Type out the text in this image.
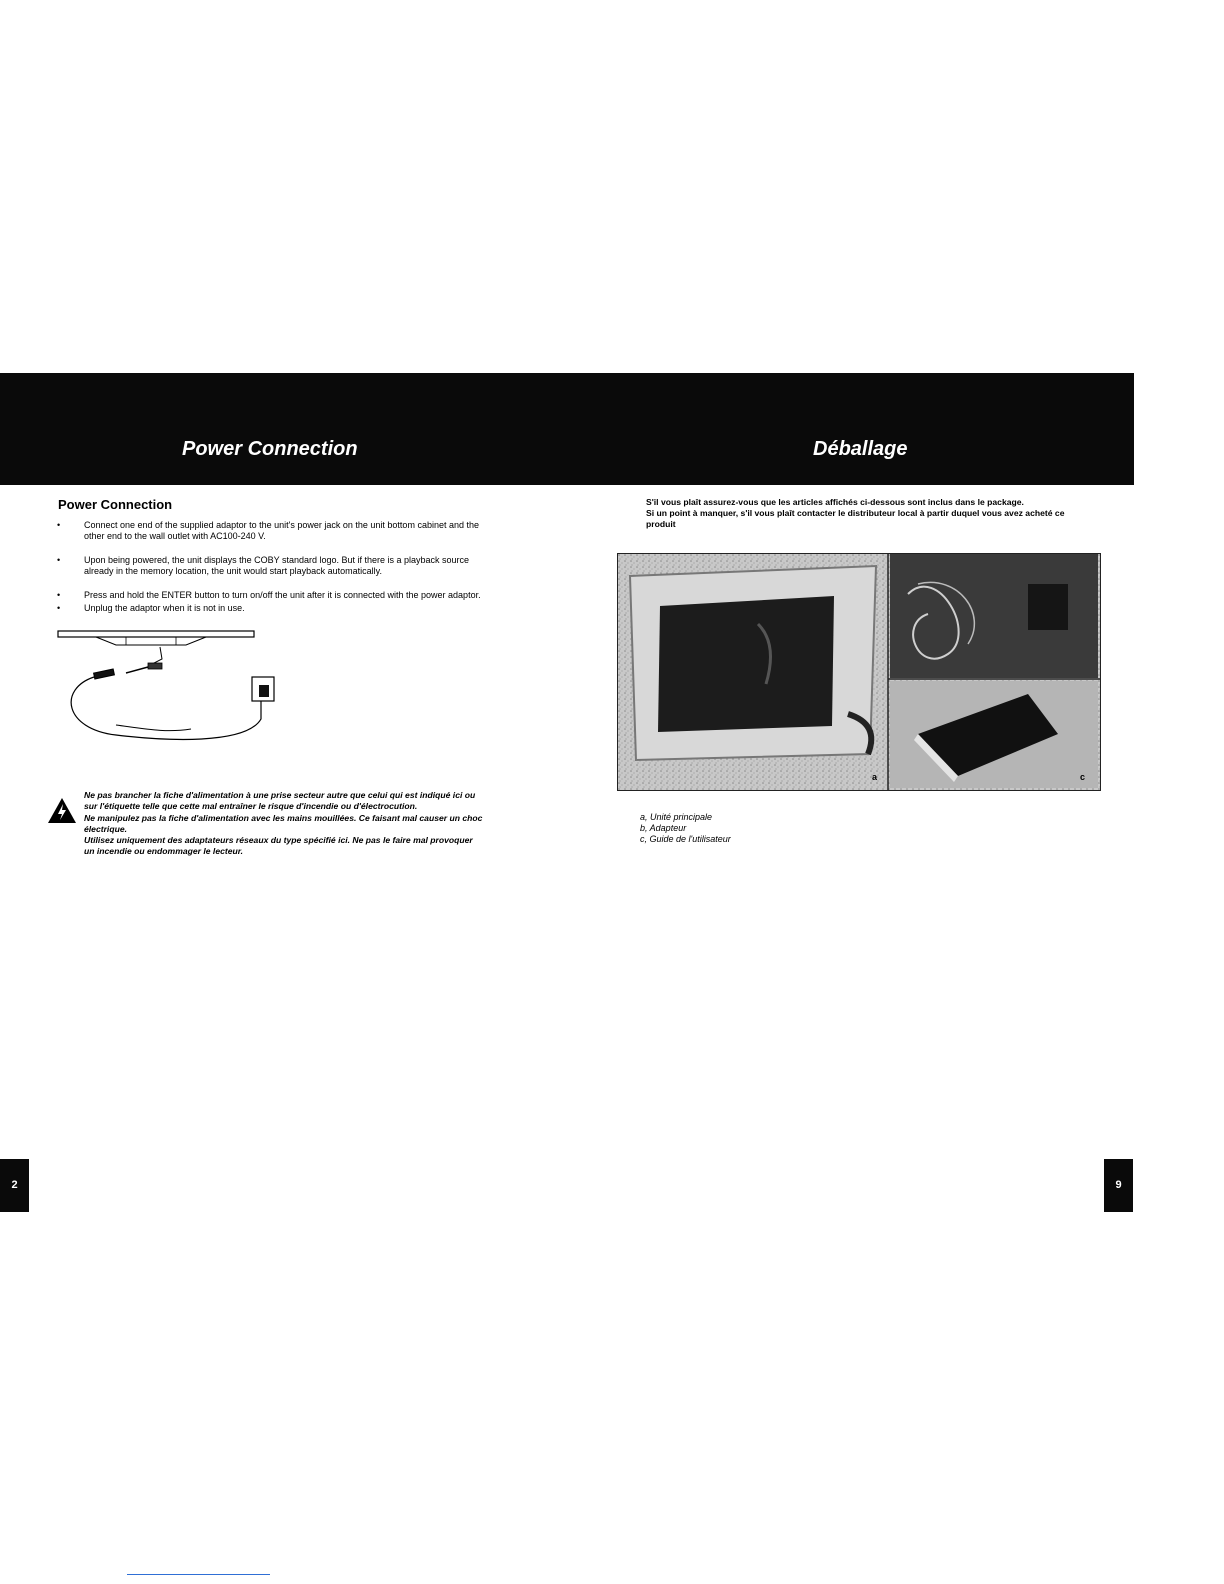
Power Connection	Déballage
Power Connection
•	Connect one end of the supplied adaptor to the unit's power jack on the unit bottom cabinet and the other end to the wall outlet with AC100-240 V.
•	Upon being powered, the unit displays the COBY standard logo. But if there is a playback source already in the memory location, the unit would start playback automatically.
•	Press and hold the ENTER button to turn on/off the unit after it is connected with the power adaptor.
•	Unplug the adaptor when it is not in use.

Ne pas brancher la fiche d'alimentation à une prise secteur autre que celui qui est indiqué ici ou sur l'étiquette telle que cette mal entraîner le risque d'incendie ou d'électrocution.

Ne manipulez pas la fiche d'alimentation avec les mains mouillées. Ce faisant mal causer un choc électrique.

Utilisez uniquement des adaptateurs réseaux du type spécifié ici. Ne pas le faire mal provoquer un incendie ou endommager le lecteur.

S'il vous plaît assurez-vous que les articles affichés ci-dessous sont inclus dans le package.

Si un point à manquer, s'il vous plaît contacter le distributeur local à partir duquel vous avez acheté ce produit

a	c
a, Unité principale
b, Adapteur
c, Guide de l'utilisateur
2	9
